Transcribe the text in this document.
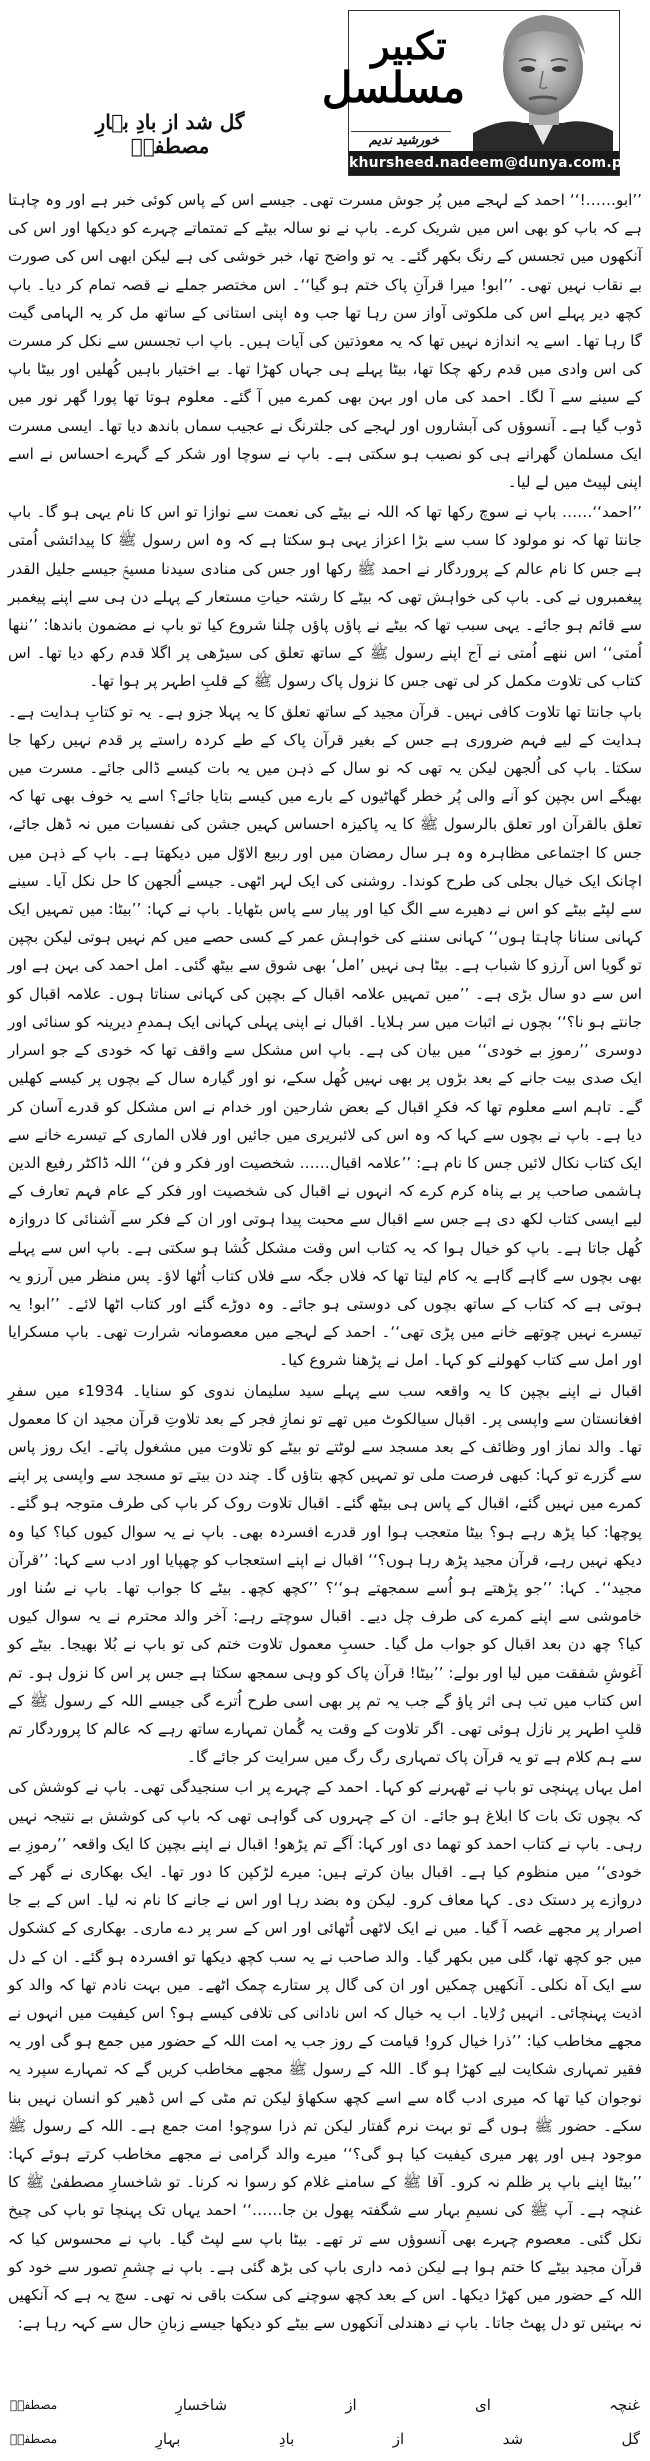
گل شد از بادِ بہارِ مصطفیؐ
تکبیر
مسلسل
خورشید ندیم
khursheed.nadeem@dunya.com.pk

’’ابو……!‘‘ احمد کے لہجے میں پُر جوش مسرت تھی۔ جیسے اس کے پاس کوئی خبر ہے اور وہ چاہتا ہے کہ باپ کو بھی اس میں شریک کرے۔ باپ نے نو سالہ بیٹے کے تمتماتے چہرے کو دیکھا اور اس کی آنکھوں میں تجسس کے رنگ بکھر گئے۔ یہ تو واضح تھا، خبر خوشی کی ہے لیکن ابھی اس کی صورت بے نقاب نہیں تھی۔ ’’ابو! میرا قرآنِ پاک ختم ہو گیا‘‘۔ اس مختصر جملے نے قصہ تمام کر دیا۔ باپ کچھ دیر پہلے اس کی ملکوتی آواز سن رہا تھا جب وہ اپنی استانی کے ساتھ مل کر یہ الہامی گیت گا رہا تھا۔ اسے یہ اندازہ نہیں تھا کہ یہ معوذتین کی آیات ہیں۔ باپ اب تجسس سے نکل کر مسرت کی اس وادی میں قدم رکھ چکا تھا، بیٹا پہلے ہی جہاں کھڑا تھا۔ بے اختیار باہیں کُھلیں اور بیٹا باپ کے سینے سے آ لگا۔ احمد کی ماں اور بہن بھی کمرے میں آ گئے۔ معلوم ہوتا تھا پورا گھر نور میں ڈوب گیا ہے۔ آنسوؤں کی آبشاروں اور لہجے کی جلترنگ نے عجیب سماں باندھ دیا تھا۔ ایسی مسرت ایک مسلمان گھرانے ہی کو نصیب ہو سکتی ہے۔ باپ نے سوچا اور شکر کے گہرے احساس نے اسے اپنی لپیٹ میں لے لیا۔

’’احمد‘‘…… باپ نے سوچ رکھا تھا کہ اللہ نے بیٹے کی نعمت سے نوازا تو اس کا نام یہی ہو گا۔ باپ جانتا تھا کہ نو مولود کا سب سے بڑا اعزاز یہی ہو سکتا ہے کہ وہ اس رسول ﷺ کا پیدائشی اُمتی ہے جس کا نام عالم کے پروردگار نے احمد ﷺ رکھا اور جس کی منادی سیدنا مسیحؑ جیسے جلیل القدر پیغمبروں نے کی۔ باپ کی خواہش تھی کہ بیٹے کا رشتہ حیاتِ مستعار کے پہلے دن ہی سے اپنے پیغمبر سے قائم ہو جائے۔ یہی سبب تھا کہ بیٹے نے پاؤں پاؤں چلنا شروع کیا تو باپ نے مضمون باندھا: ’’ننھا اُمتی‘‘ اس ننھے اُمتی نے آج اپنے رسول ﷺ کے ساتھ تعلق کی سیڑھی پر اگلا قدم رکھ دیا تھا۔ اس کتاب کی تلاوت مکمل کر لی تھی جس کا نزول پاک رسول ﷺ کے قلبِ اطہر پر ہوا تھا۔

باپ جانتا تھا تلاوت کافی نہیں۔ قرآن مجید کے ساتھ تعلق کا یہ پہلا جزو ہے۔ یہ تو کتابِ ہدایت ہے۔ ہدایت کے لیے فہم ضروری ہے جس کے بغیر قرآن پاک کے طے کردہ راستے پر قدم نہیں رکھا جا سکتا۔ باپ کی اُلجھن لیکن یہ تھی کہ نو سال کے ذہن میں یہ بات کیسے ڈالی جائے۔ مسرت میں بھیگے اس بچپن کو آنے والی پُر خطر گھاٹیوں کے بارے میں کیسے بتایا جائے؟ اسے یہ خوف بھی تھا کہ تعلق بالقرآن اور تعلق بالرسول ﷺ کا یہ پاکیزہ احساس کہیں جشن کی نفسیات میں نہ ڈھل جائے، جس کا اجتماعی مظاہرہ وہ ہر سال رمضان میں اور ربیع الاوّل میں دیکھتا ہے۔ باپ کے ذہن میں اچانک ایک خیال بجلی کی طرح کوندا۔ روشنی کی ایک لہر اٹھی۔ جیسے اُلجھن کا حل نکل آیا۔ سینے سے لپٹے بیٹے کو اس نے دھیرے سے الگ کیا اور پیار سے پاس بٹھایا۔ باپ نے کہا: ’’بیٹا: میں تمہیں ایک کہانی سنانا چاہتا ہوں‘‘ کہانی سننے کی خواہش عمر کے کسی حصے میں کم نہیں ہوتی لیکن بچپن تو گویا اس آرزو کا شباب ہے۔ بیٹا ہی نہیں ’امل‘ بھی شوق سے بیٹھ گئی۔ امل احمد کی بہن ہے اور اس سے دو سال بڑی ہے۔ ’’میں تمہیں علامہ اقبال کے بچپن کی کہانی سناتا ہوں۔ علامہ اقبال کو جانتے ہو نا؟‘‘ بچوں نے اثبات میں سر ہلایا۔ اقبال نے اپنی پہلی کہانی ایک ہمدمِ دیرینہ کو سنائی اور دوسری ’’رموزِ بے خودی‘‘ میں بیان کی ہے۔ باپ اس مشکل سے واقف تھا کہ خودی کے جو اسرار ایک صدی بیت جانے کے بعد بڑوں پر بھی نہیں کُھل سکے، نو اور گیارہ سال کے بچوں پر کیسے کھلیں گے۔ تاہم اسے معلوم تھا کہ فکرِ اقبال کے بعض شارحین اور خدام نے اس مشکل کو قدرے آسان کر دیا ہے۔ باپ نے بچوں سے کہا کہ وہ اس کی لائبریری میں جائیں اور فلاں الماری کے تیسرے خانے سے ایک کتاب نکال لائیں جس کا نام ہے: ’’علامہ اقبال…… شخصیت اور فکر و فن‘‘ اللہ ڈاکٹر رفیع الدین ہاشمی صاحب پر بے پناہ کرم کرے کہ انہوں نے اقبال کی شخصیت اور فکر کے عام فہم تعارف کے لیے ایسی کتاب لکھ دی ہے جس سے اقبال سے محبت پیدا ہوتی اور ان کے فکر سے آشنائی کا دروازہ کُھل جاتا ہے۔ باپ کو خیال ہوا کہ یہ کتاب اس وقت مشکل کُشا ہو سکتی ہے۔ باپ اس سے پہلے بھی بچوں سے گاہے گاہے یہ کام لیتا تھا کہ فلاں جگہ سے فلاں کتاب اُٹھا لاؤ۔ پس منظر میں آرزو یہ ہوتی ہے کہ کتاب کے ساتھ بچوں کی دوستی ہو جائے۔ وہ دوڑے گئے اور کتاب اٹھا لائے۔ ’’ابو! یہ تیسرے نہیں چوتھے خانے میں پڑی تھی‘‘۔ احمد کے لہجے میں معصومانہ شرارت تھی۔ باپ مسکرایا اور امل سے کتاب کھولنے کو کہا۔ امل نے پڑھنا شروع کیا۔

اقبال نے اپنے بچپن کا یہ واقعہ سب سے پہلے سید سلیمان ندوی کو سنایا۔ 1934ء میں سفرِ افغانستان سے واپسی پر۔ اقبال سیالکوٹ میں تھے تو نمازِ فجر کے بعد تلاوتِ قرآن مجید ان کا معمول تھا۔ والد نماز اور وظائف کے بعد مسجد سے لوٹتے تو بیٹے کو تلاوت میں مشغول پاتے۔ ایک روز پاس سے گزرے تو کہا: کبھی فرصت ملی تو تمہیں کچھ بتاؤں گا۔ چند دن بیتے تو مسجد سے واپسی پر اپنے کمرے میں نہیں گئے، اقبال کے پاس ہی بیٹھ گئے۔ اقبال تلاوت روک کر باپ کی طرف متوجہ ہو گئے۔ پوچھا: کیا پڑھ رہے ہو؟ بیٹا متعجب ہوا اور قدرے افسردہ بھی۔ باپ نے یہ سوال کیوں کیا؟ کیا وہ دیکھ نہیں رہے، قرآن مجید پڑھ رہا ہوں؟‘‘ اقبال نے اپنے استعجاب کو چھپایا اور ادب سے کہا: ’’قرآن مجید‘‘۔ کہا: ’’جو پڑھتے ہو اُسے سمجھتے ہو‘‘؟ ’’کچھ کچھ۔ بیٹے کا جواب تھا۔ باپ نے سُنا اور خاموشی سے اپنے کمرے کی طرف چل دیے۔ اقبال سوچتے رہے: آخر والد محترم نے یہ سوال کیوں کیا؟ چھ دن بعد اقبال کو جواب مل گیا۔ حسبِ معمول تلاوت ختم کی تو باپ نے بُلا بھیجا۔ بیٹے کو آغوشِ شفقت میں لیا اور بولے: ’’بیٹا! قرآن پاک کو وہی سمجھ سکتا ہے جس پر اس کا نزول ہو۔ تم اس کتاب میں تب ہی اثر پاؤ گے جب یہ تم پر بھی اسی طرح اُترے گی جیسے اللہ کے رسول ﷺ کے قلبِ اطہر پر نازل ہوئی تھی۔ اگر تلاوت کے وقت یہ گُمان تمہارے ساتھ رہے کہ عالم کا پروردگار تم سے ہم کلام ہے تو یہ قرآن پاک تمہاری رگ رگ میں سرایت کر جائے گا۔

امل یہاں پہنچی تو باپ نے ٹھہرنے کو کہا۔ احمد کے چہرے پر اب سنجیدگی تھی۔ باپ نے کوشش کی کہ بچوں تک بات کا ابلاغ ہو جائے۔ ان کے چہروں کی گواہی تھی کہ باپ کی کوشش بے نتیجہ نہیں رہی۔ باپ نے کتاب احمد کو تھما دی اور کہا: آگے تم پڑھو! اقبال نے اپنے بچپن کا ایک واقعہ ’’رموزِ بے خودی‘‘ میں منظوم کیا ہے۔ اقبال بیان کرتے ہیں: میرے لڑکپن کا دور تھا۔ ایک بھکاری نے گھر کے دروازے پر دستک دی۔ کہا معاف کرو۔ لیکن وہ بضد رہا اور اس نے جانے کا نام نہ لیا۔ اس کے بے جا اصرار پر مجھے غصہ آ گیا۔ میں نے ایک لاٹھی اُٹھائی اور اس کے سر پر دے ماری۔ بھکاری کے کشکول میں جو کچھ تھا، گلی میں بکھر گیا۔ والد صاحب نے یہ سب کچھ دیکھا تو افسردہ ہو گئے۔ ان کے دل سے ایک آہ نکلی۔ آنکھیں چمکیں اور ان کی گال پر ستارے چمک اٹھے۔ میں بہت نادم تھا کہ والد کو اذیت پہنچائی۔ انہیں رُلایا۔ اب یہ خیال کہ اس نادانی کی تلافی کیسے ہو؟ اس کیفیت میں انہوں نے مجھے مخاطب کیا: ’’ذرا خیال کرو! قیامت کے روز جب یہ امت اللہ کے حضور میں جمع ہو گی اور یہ فقیر تمہاری شکایت لیے کھڑا ہو گا۔ اللہ کے رسول ﷺ مجھے مخاطب کریں گے کہ تمہارے سپرد یہ نوجوان کیا تھا کہ میری ادب گاہ سے اسے کچھ سکھاؤ لیکن تم مٹی کے اس ڈھیر کو انسان نہیں بنا سکے۔ حضور ﷺ ہوں گے تو بہت نرم گفتار لیکن تم ذرا سوچو! امت جمع ہے۔ اللہ کے رسول ﷺ موجود ہیں اور پھر میری کیفیت کیا ہو گی؟‘‘ میرے والد گرامی نے مجھے مخاطب کرتے ہوئے کہا: ’’بیٹا اپنے باپ پر ظلم نہ کرو۔ آقا ﷺ کے سامنے غلام کو رسوا نہ کرنا۔ تو شاخسارِ مصطفیٰ ﷺ کا غنچہ ہے۔ آپ ﷺ کی نسیمِ بہار سے شگفتہ پھول بن جا……‘‘ احمد یہاں تک پہنچا تو باپ کی چیخ نکل گئی۔ معصوم چہرے بھی آنسوؤں سے تر تھے۔ بیٹا باپ سے لپٹ گیا۔ باپ نے محسوس کیا کہ قرآن مجید بیٹے کا ختم ہوا ہے لیکن ذمہ داری باپ کی بڑھ گئی ہے۔ باپ نے چشمِ تصور سے خود کو اللہ کے حضور میں کھڑا دیکھا۔ اس کے بعد کچھ سوچنے کی سکت باقی نہ تھی۔ سچ یہ ہے کہ آنکھیں نہ بہتیں تو دل پھٹ جاتا۔ باپ نے دھندلی آنکھوں سے بیٹے کو دیکھا جیسے زبانِ حال سے کہہ رہا ہے:

غنچہ
ای
از
شاخسارِ
مصطفیؐ
گل
شد
از
بادِ
بہارِ
مصطفیؐ
